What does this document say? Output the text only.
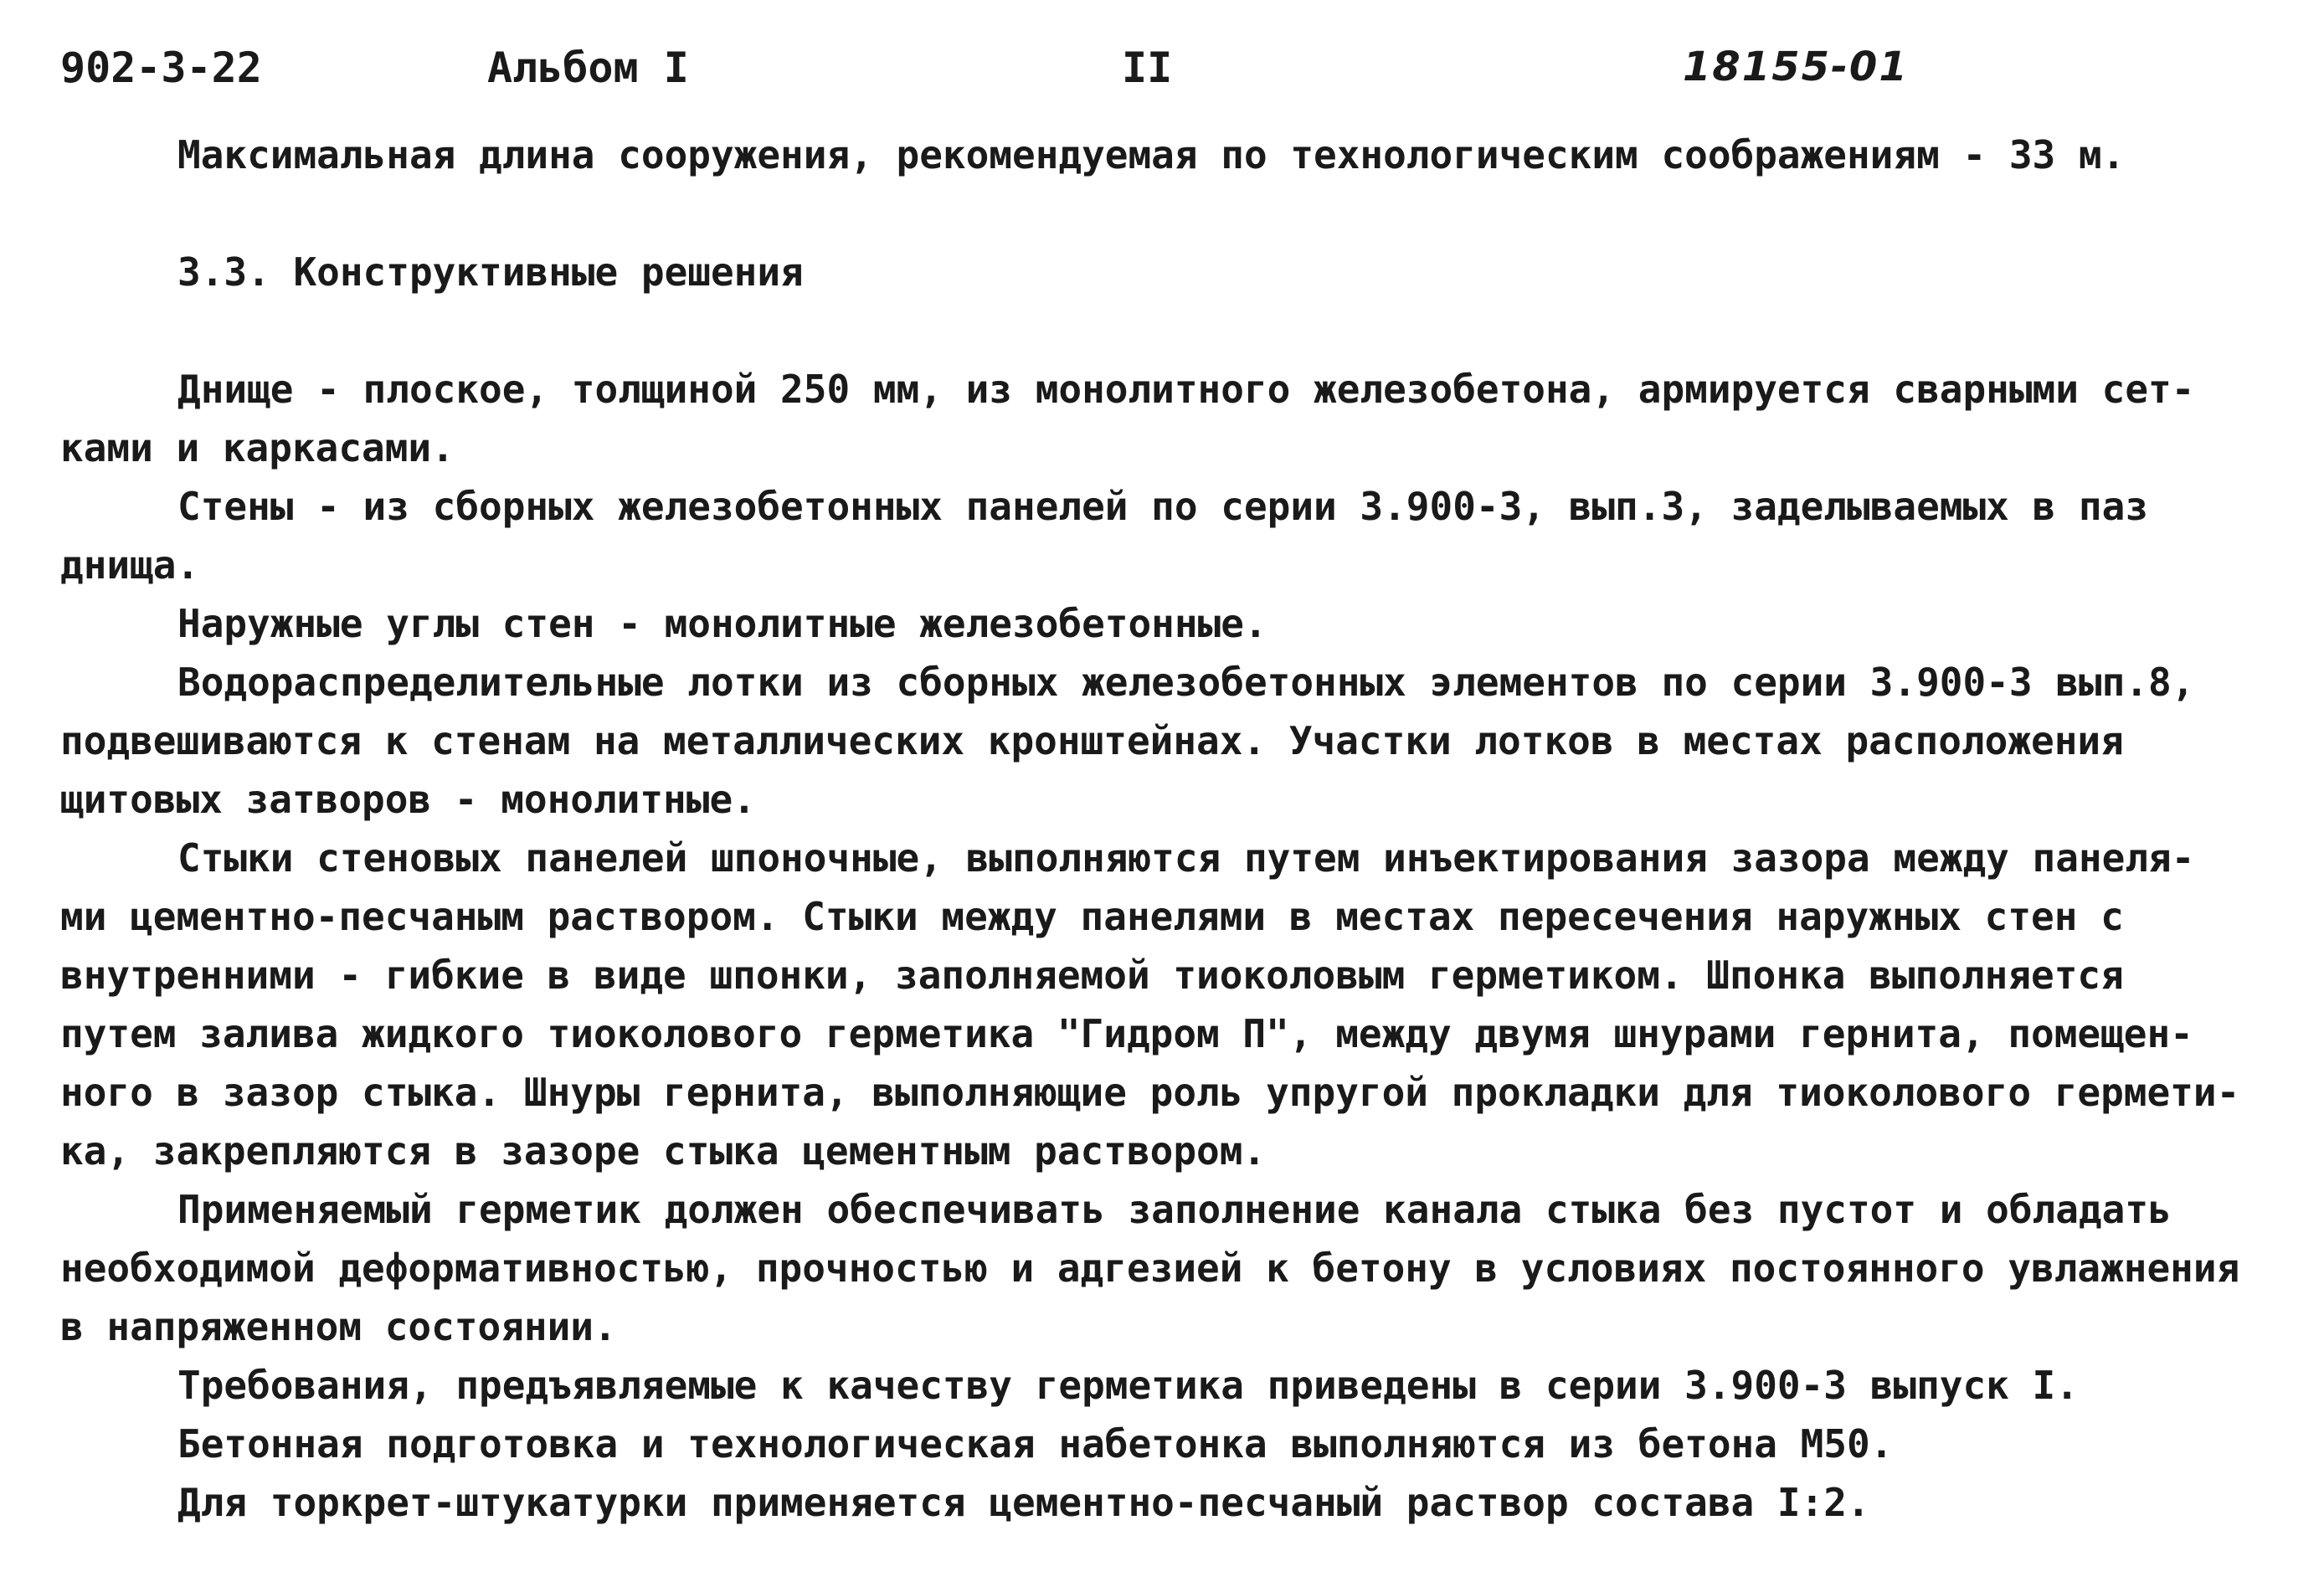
902-3-22	Альбом I	II	18155-01
Максимальная длина сооружения, рекомендуемая по технологическим соображениям - 33 м.
3.3. Конструктивные решения
Днище - плоское, толщиной 250 мм, из монолитного железобетона, армируется сварными сет-
ками и каркасами.
Стены - из сборных железобетонных панелей по серии 3.900-3, вып.3, заделываемых в паз
днища.
Наружные углы стен - монолитные железобетонные.
Водораспределительные лотки из сборных железобетонных элементов по серии 3.900-3 вып.8,
подвешиваются к стенам на металлических кронштейнах. Участки лотков в местах расположения
щитовых затворов - монолитные.
Стыки стеновых панелей шпоночные, выполняются путем инъектирования зазора между панеля-
ми цементно-песчаным раствором. Стыки между панелями в местах пересечения наружных стен с
внутренними - гибкие в виде шпонки, заполняемой тиоколовым герметиком. Шпонка выполняется
путем залива жидкого тиоколового герметика "Гидром П", между двумя шнурами гернита, помещен-
ного в зазор стыка. Шнуры гернита, выполняющие роль упругой прокладки для тиоколового гермети-
ка, закрепляются в зазоре стыка цементным раствором.
Применяемый герметик должен обеспечивать заполнение канала стыка без пустот и обладать
необходимой деформативностью, прочностью и адгезией к бетону в условиях постоянного увлажнения
в напряженном состоянии.
Требования, предъявляемые к качеству герметика приведены в серии 3.900-3 выпуск I.
Бетонная подготовка и технологическая набетонка выполняются из бетона М50.
Для торкрет-штукатурки применяется цементно-песчаный раствор состава I:2.
